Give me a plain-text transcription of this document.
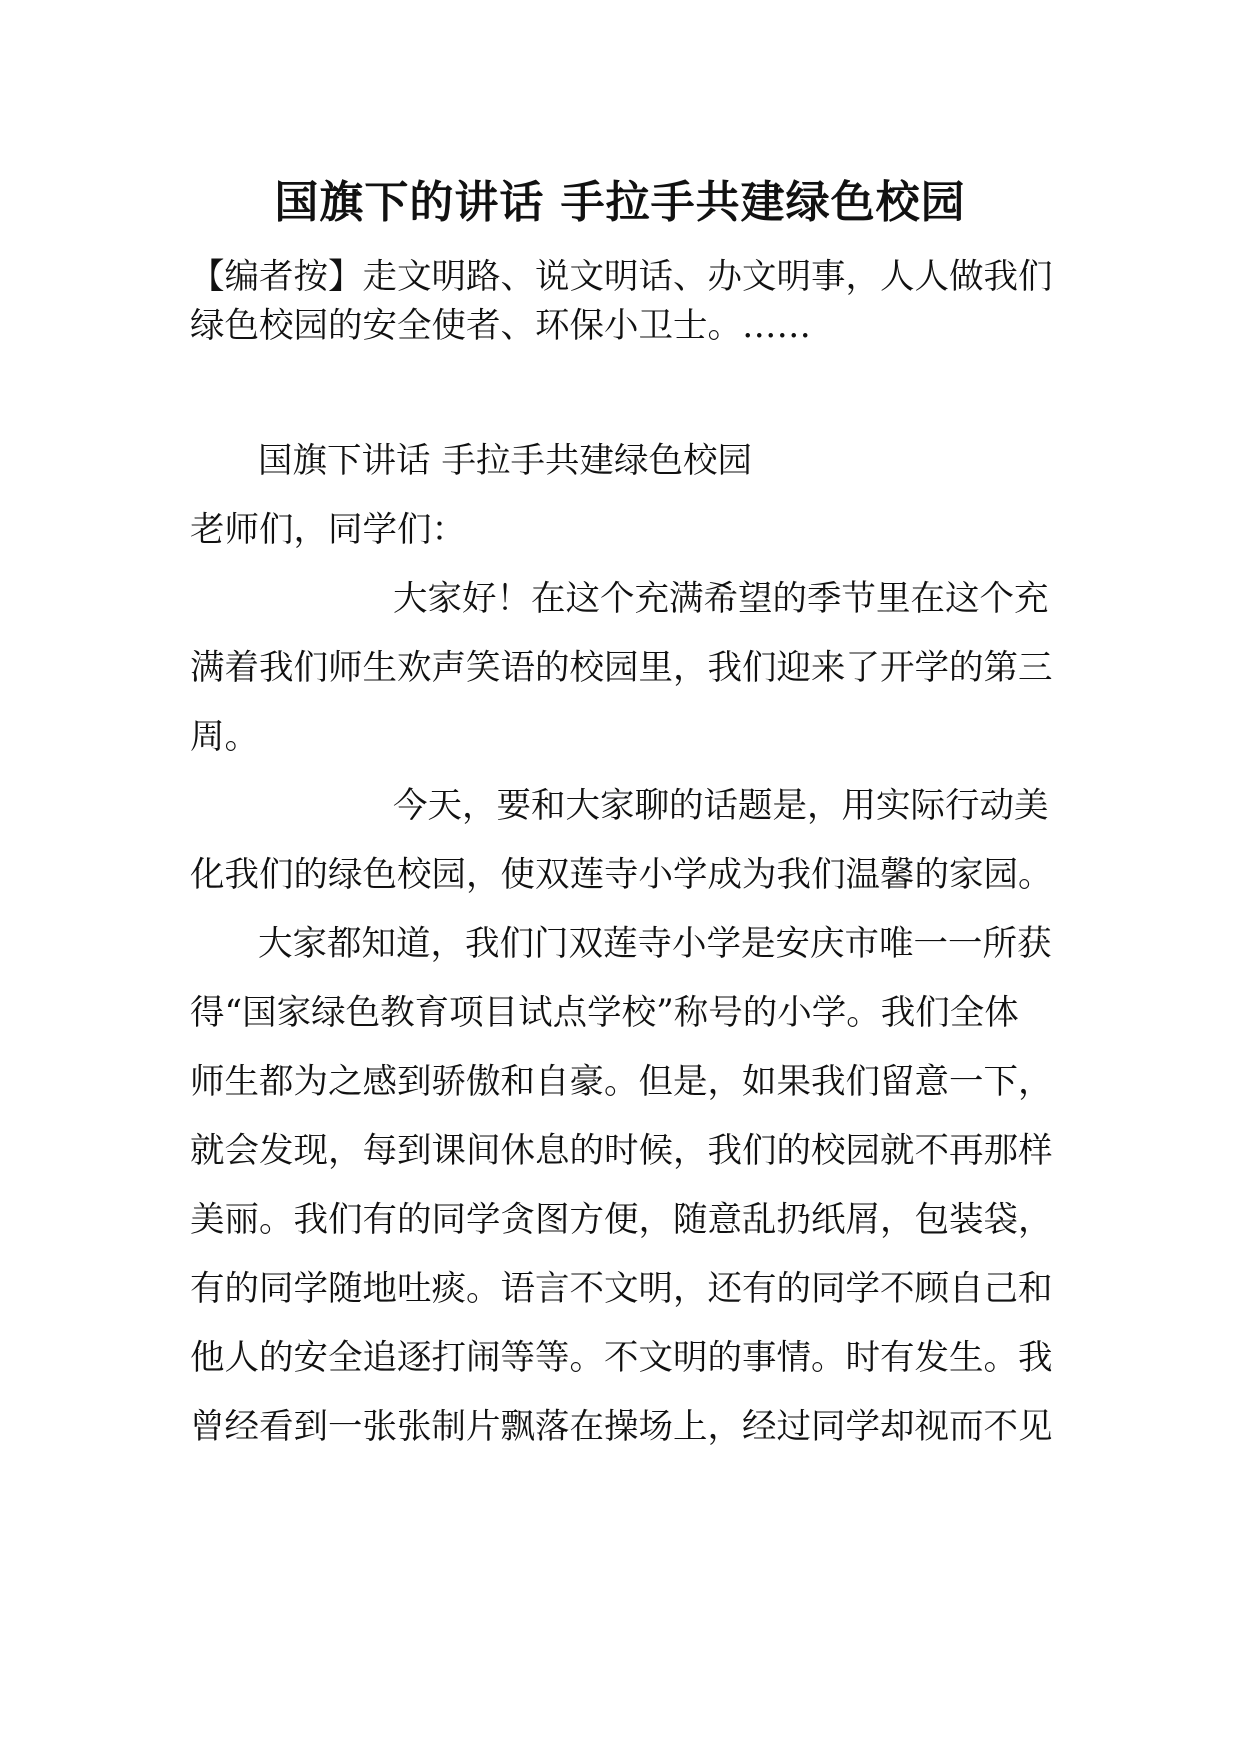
国旗下的讲话 手拉手共建绿色校园
【编者按】走文明路、说文明话、办文明事，人人做我们
绿色校园的安全使者、环保小卫士。……
国旗下讲话 手拉手共建绿色校园
老师们，同学们：
大家好！在这个充满希望的季节里在这个充
满着我们师生欢声笑语的校园里，我们迎来了开学的第三
周。
今天，要和大家聊的话题是，用实际行动美
化我们的绿色校园，使双莲寺小学成为我们温馨的家园。
大家都知道，我们门双莲寺小学是安庆市唯一一所获
得“国家绿色教育项目试点学校”称号的小学。我们全体
师生都为之感到骄傲和自豪。但是，如果我们留意一下，
就会发现，每到课间休息的时候，我们的校园就不再那样
美丽。我们有的同学贪图方便，随意乱扔纸屑，包装袋，
有的同学随地吐痰。语言不文明，还有的同学不顾自己和
他人的安全追逐打闹等等。不文明的事情。时有发生。我
曾经看到一张张制片飘落在操场上，经过同学却视而不见
